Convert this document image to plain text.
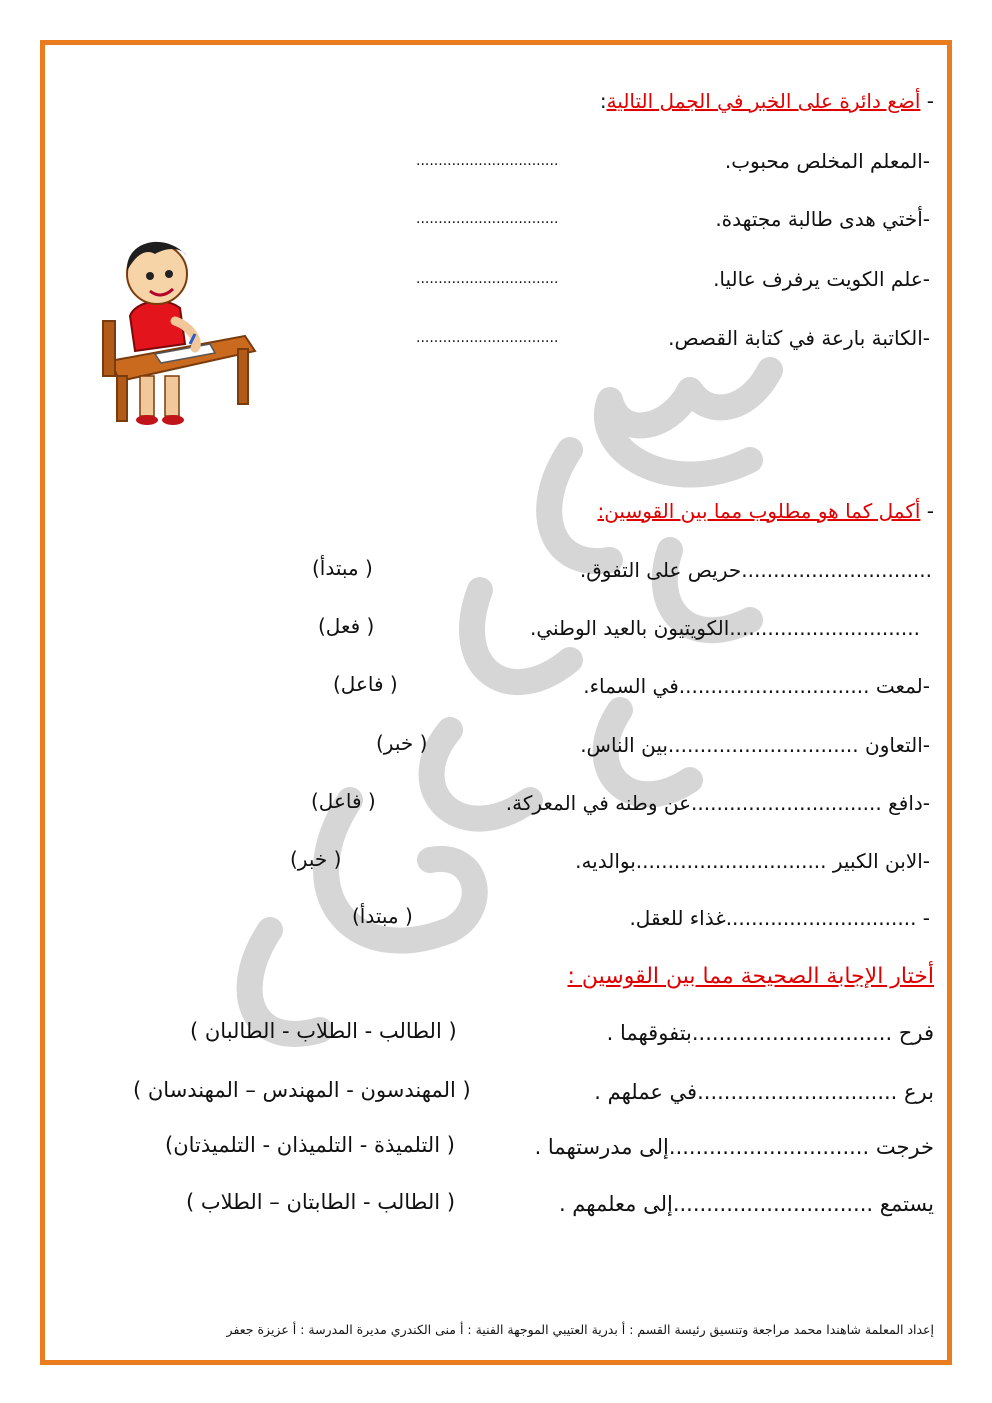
- أضع دائرة على الخبر في الجمل التالية:
-المعلم المخلص محبوب.
................................
-أختي هدى طالبة مجتهدة.
................................
-علم الكويت يرفرف عاليا.
................................
-الكاتبة بارعة في كتابة القصص.
................................
- أكمل كما هو مطلوب مما بين القوسين:
..............................حريص على التفوق.
( مبتدأ)
..............................الكويتيون بالعيد الوطني.
( فعل)
-لمعت ..............................في السماء.
( فاعل)
-التعاون ..............................بين الناس.
( خبر)
-دافع ..............................عن وطنه في المعركة.
( فاعل)
-الابن الكبير ..............................بوالديه.
( خبر)
- ..............................غذاء للعقل.
( مبتدأ)
أختار الإجابة الصحيحة مما بين القوسين :
فرح ..............................بتفوقهما .
( الطالب - الطلاب - الطالبان )
برع ..............................في عملهم .
( المهندسون - المهندس – المهندسان )
خرجت ..............................إلى مدرستهما .
( التلميذة - التلميذان - التلميذتان)
يستمع ..............................إلى معلمهم .
( الطالب - الطابتان – الطلاب )
إعداد المعلمة شاهندا محمد مراجعة وتنسيق رئيسة القسم : أ بدرية العتيبي الموجهة الفنية : أ منى الكندري مديرة المدرسة : أ عزيزة جعفر
